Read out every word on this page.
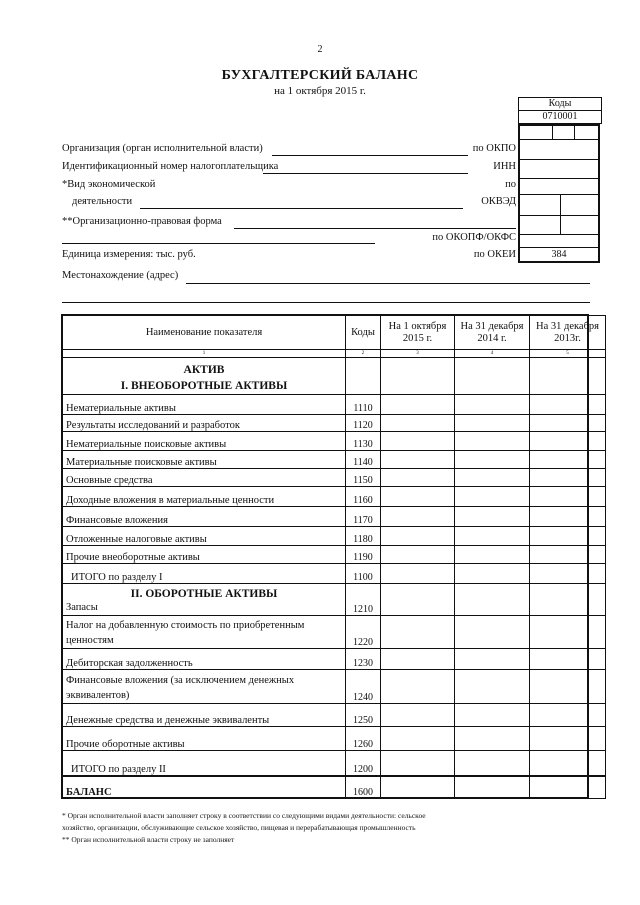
2
БУХГАЛТЕРСКИЙ БАЛАНС
на 1 октября 2015 г.
Коды
0710001
384
Организация (орган исполнительной власти)	по ОКПО
Идентификационный номер налогоплательщика	ИНН
*Вид экономической	по
деятельности	ОКВЭД
**Организационно-правовая форма
по ОКОПФ/ОКФС
Единица измерения: тыс. руб.	по ОКЕИ
Местонахождение (адрес)
Наименование показателя	Коды	На 1 октября 2015 г.	На 31 декабря 2014 г.	На 31 декабря 2013г.
1	2	3	4	5

АКТИВ
I. ВНЕОБОРОТНЫЕ АКТИВЫ				

Нематериальные активы	1110			
Результаты исследований и разработок	1120			
Нематериальные поисковые активы	1130			
Материальные поисковые активы	1140			
Основные средства	1150			
Доходные вложения в материальные ценности	1160			
Финансовые вложения	1170			
Отложенные налоговые активы	1180			
Прочие внеоборотные активы	1190			
ИТОГО по разделу I	1100			

II. ОБОРОТНЫЕ АКТИВЫ
Запасы	1210			
Налог на добавленную стоимость по приобретенным ценностям	1220			
Дебиторская задолженность	1230			
Финансовые вложения (за исключением денежных эквивалентов)	1240			
Денежные средства и денежные эквиваленты	1250			
Прочие оборотные активы	1260			
ИТОГО по разделу II	1200			
БАЛАНС	1600			
* Орган исполнительной власти заполняет строку в соответствии со следующими видами деятельности: сельское
хозяйство, организации, обслуживающие сельское хозяйство, пищевая и перерабатывающая промышленность
** Орган исполнительной власти строку не заполняет
